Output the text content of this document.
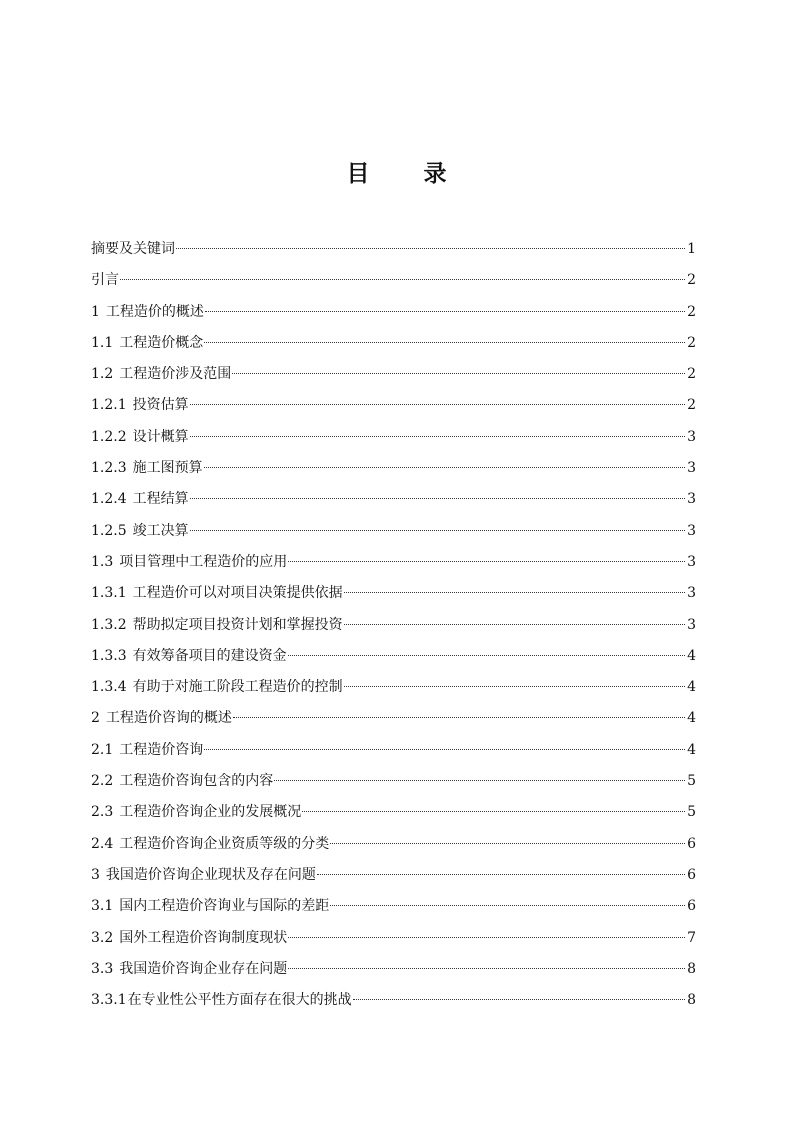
目 录
摘要及关键词	1
引言	2
1 工程造价的概述	2
1.1 工程造价概念	2
1.2 工程造价涉及范围	2
1.2.1 投资估算	2
1.2.2 设计概算	3
1.2.3 施工图预算	3
1.2.4 工程结算	3
1.2.5 竣工决算	3
1.3 项目管理中工程造价的应用	3
1.3.1 工程造价可以对项目决策提供依据	3
1.3.2 帮助拟定项目投资计划和掌握投资	3
1.3.3 有效筹备项目的建设资金	4
1.3.4 有助于对施工阶段工程造价的控制	4
2 工程造价咨询的概述	4
2.1 工程造价咨询	4
2.2 工程造价咨询包含的内容	5
2.3 工程造价咨询企业的发展概况	5
2.4 工程造价咨询企业资质等级的分类	6
3 我国造价咨询企业现状及存在问题	6
3.1 国内工程造价咨询业与国际的差距	6
3.2 国外工程造价咨询制度现状	7
3.3 我国造价咨询企业存在问题	8
3.3.1 在专业性公平性方面存在很大的挑战	8
